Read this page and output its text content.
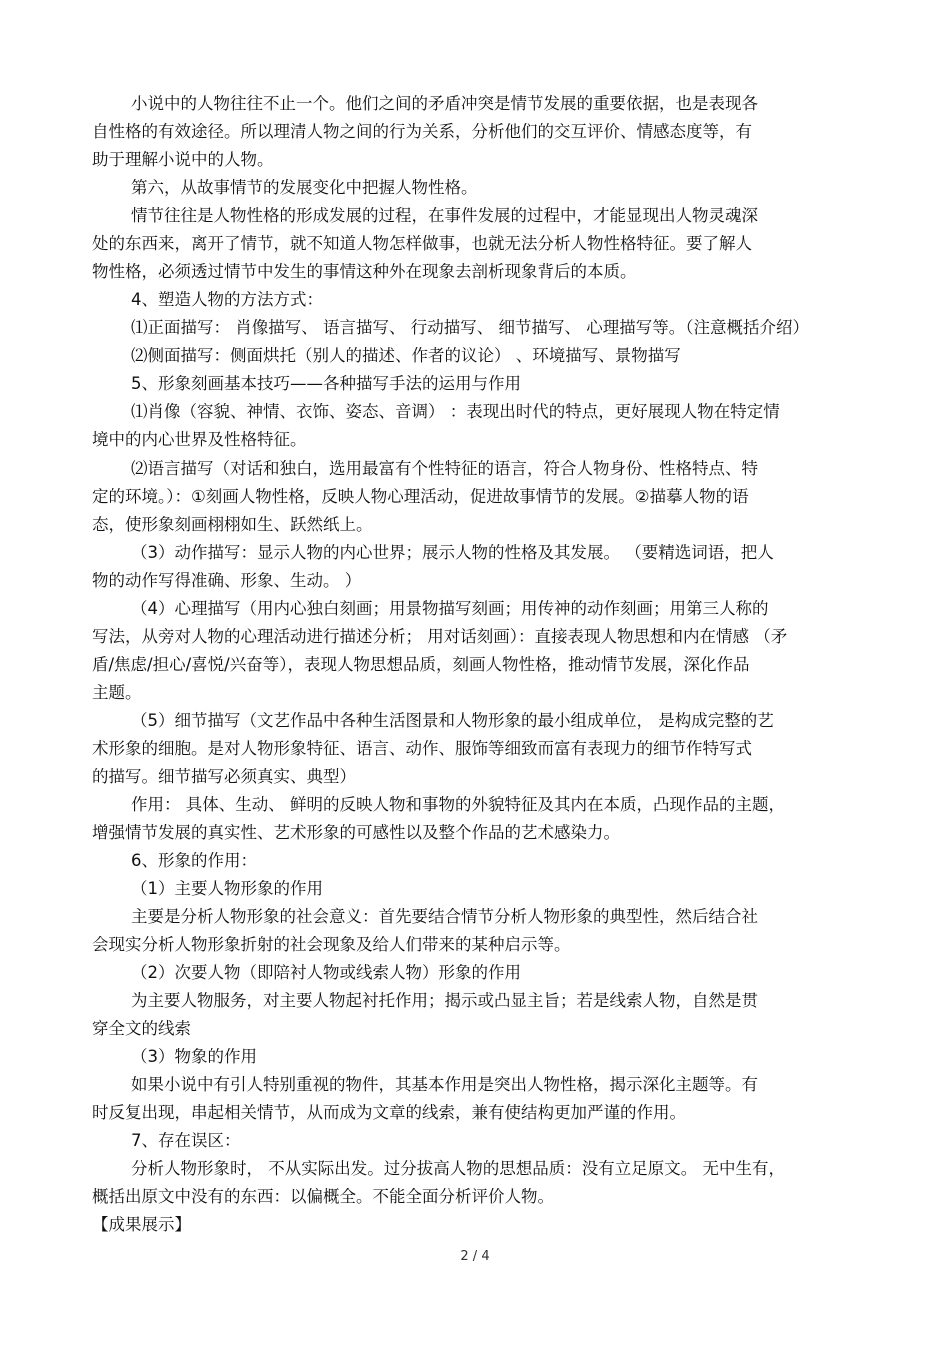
小说中的人物往往不止一个。他们之间的矛盾冲突是情节发展的重要依据，也是表现各
自性格的有效途径。所以理清人物之间的行为关系，分析他们的交互评价、情感态度等，有
助于理解小说中的人物。
第六，从故事情节的发展变化中把握人物性格。
情节往往是人物性格的形成发展的过程，在事件发展的过程中，才能显现出人物灵魂深
处的东西来，离开了情节，就不知道人物怎样做事，也就无法分析人物性格特征。要了解人
物性格，必须透过情节中发生的事情这种外在现象去剖析现象背后的本质。
4、塑造人物的方法方式：
⑴正面描写： 肖像描写、 语言描写、 行动描写、 细节描写、 心理描写等。（注意概括介绍）
⑵侧面描写：侧面烘托（别人的描述、作者的议论） 、环境描写、景物描写
5、形象刻画基本技巧——各种描写手法的运用与作用
⑴肖像（容貌、神情、衣饰、姿态、音调） ：表现出时代的特点，更好展现人物在特定情
境中的内心世界及性格特征。
⑵语言描写（对话和独白，选用最富有个性特征的语言，符合人物身份、性格特点、特
定的环境。）：①刻画人物性格，反映人物心理活动，促进故事情节的发展。②描摹人物的语
态，使形象刻画栩栩如生、跃然纸上。
（3）动作描写：显示人物的内心世界；展示人物的性格及其发展。 （要精选词语，把人
物的动作写得准确、形象、生动。 ）
（4）心理描写（用内心独白刻画；用景物描写刻画；用传神的动作刻画；用第三人称的
写法，从旁对人物的心理活动进行描述分析； 用对话刻画）：直接表现人物思想和内在情感 （矛
盾/焦虑/担心/喜悦/兴奋等），表现人物思想品质，刻画人物性格，推动情节发展，深化作品
主题。
（5）细节描写（文艺作品中各种生活图景和人物形象的最小组成单位， 是构成完整的艺
术形象的细胞。是对人物形象特征、语言、动作、服饰等细致而富有表现力的细节作特写式
的描写。细节描写必须真实、典型）
作用： 具体、生动、 鲜明的反映人物和事物的外貌特征及其内在本质，凸现作品的主题，
增强情节发展的真实性、艺术形象的可感性以及整个作品的艺术感染力。
6、形象的作用：
（1）主要人物形象的作用
主要是分析人物形象的社会意义：首先要结合情节分析人物形象的典型性，然后结合社
会现实分析人物形象折射的社会现象及给人们带来的某种启示等。
（2）次要人物（即陪衬人物或线索人物）形象的作用
为主要人物服务，对主要人物起衬托作用；揭示或凸显主旨；若是线索人物，自然是贯
穿全文的线索
（3）物象的作用
如果小说中有引人特别重视的物件，其基本作用是突出人物性格，揭示深化主题等。有
时反复出现，串起相关情节，从而成为文章的线索，兼有使结构更加严谨的作用。
7、存在误区：
分析人物形象时， 不从实际出发。过分拔高人物的思想品质：没有立足原文。 无中生有，
概括出原文中没有的东西：以偏概全。不能全面分析评价人物。
【成果展示】
2 / 4
